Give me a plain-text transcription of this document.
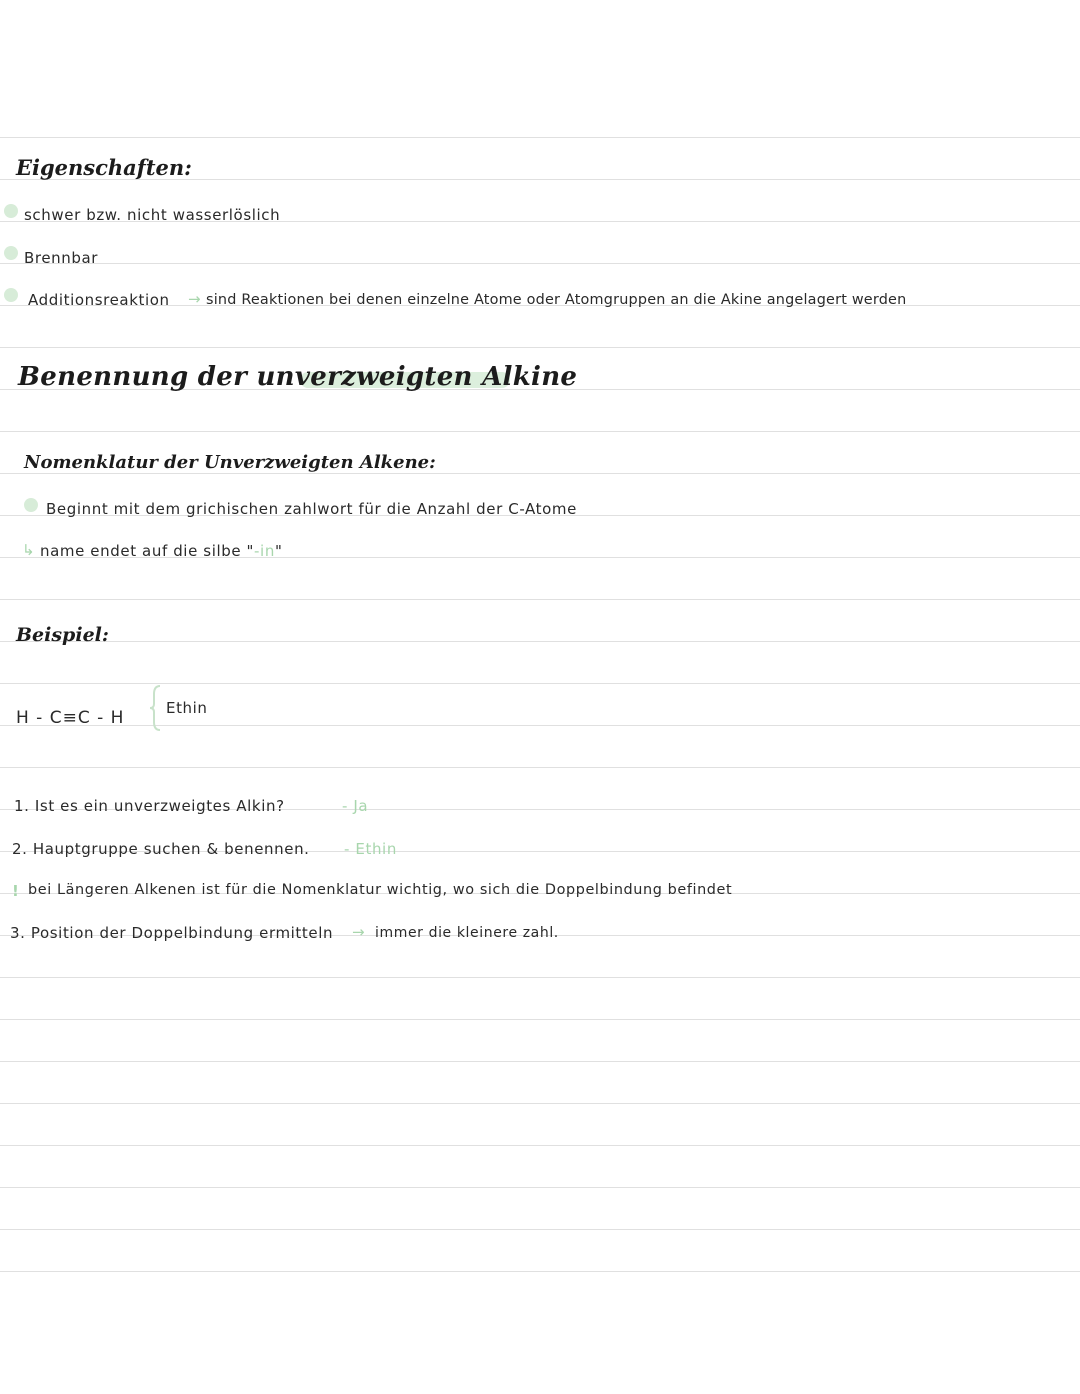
Eigenschaften:
schwer bzw. nicht wasserlöslich
Brennbar
Additionsreaktion → sind Reaktionen bei denen einzelne Atome oder Atomgruppen an die Akine angelagert werden
Benennung der unverzweigten Alkine
Nomenklatur der Unverzweigten Alkene:
Beginnt mit dem grichischen zahlwort für die Anzahl der C-Atome
↳ name endet auf die silbe "-in"
Beispiel:
H - C≡C - H	Ethin
1. Ist es ein unverzweigtes Alkin?	- Ja
2. Hauptgruppe suchen & benennen. - Ethin
! bei Längeren Alkenen ist für die Nomenklatur wichtig, wo sich die Doppelbindung befindet
3. Position der Doppelbindung ermitteln → immer die kleinere zahl.
